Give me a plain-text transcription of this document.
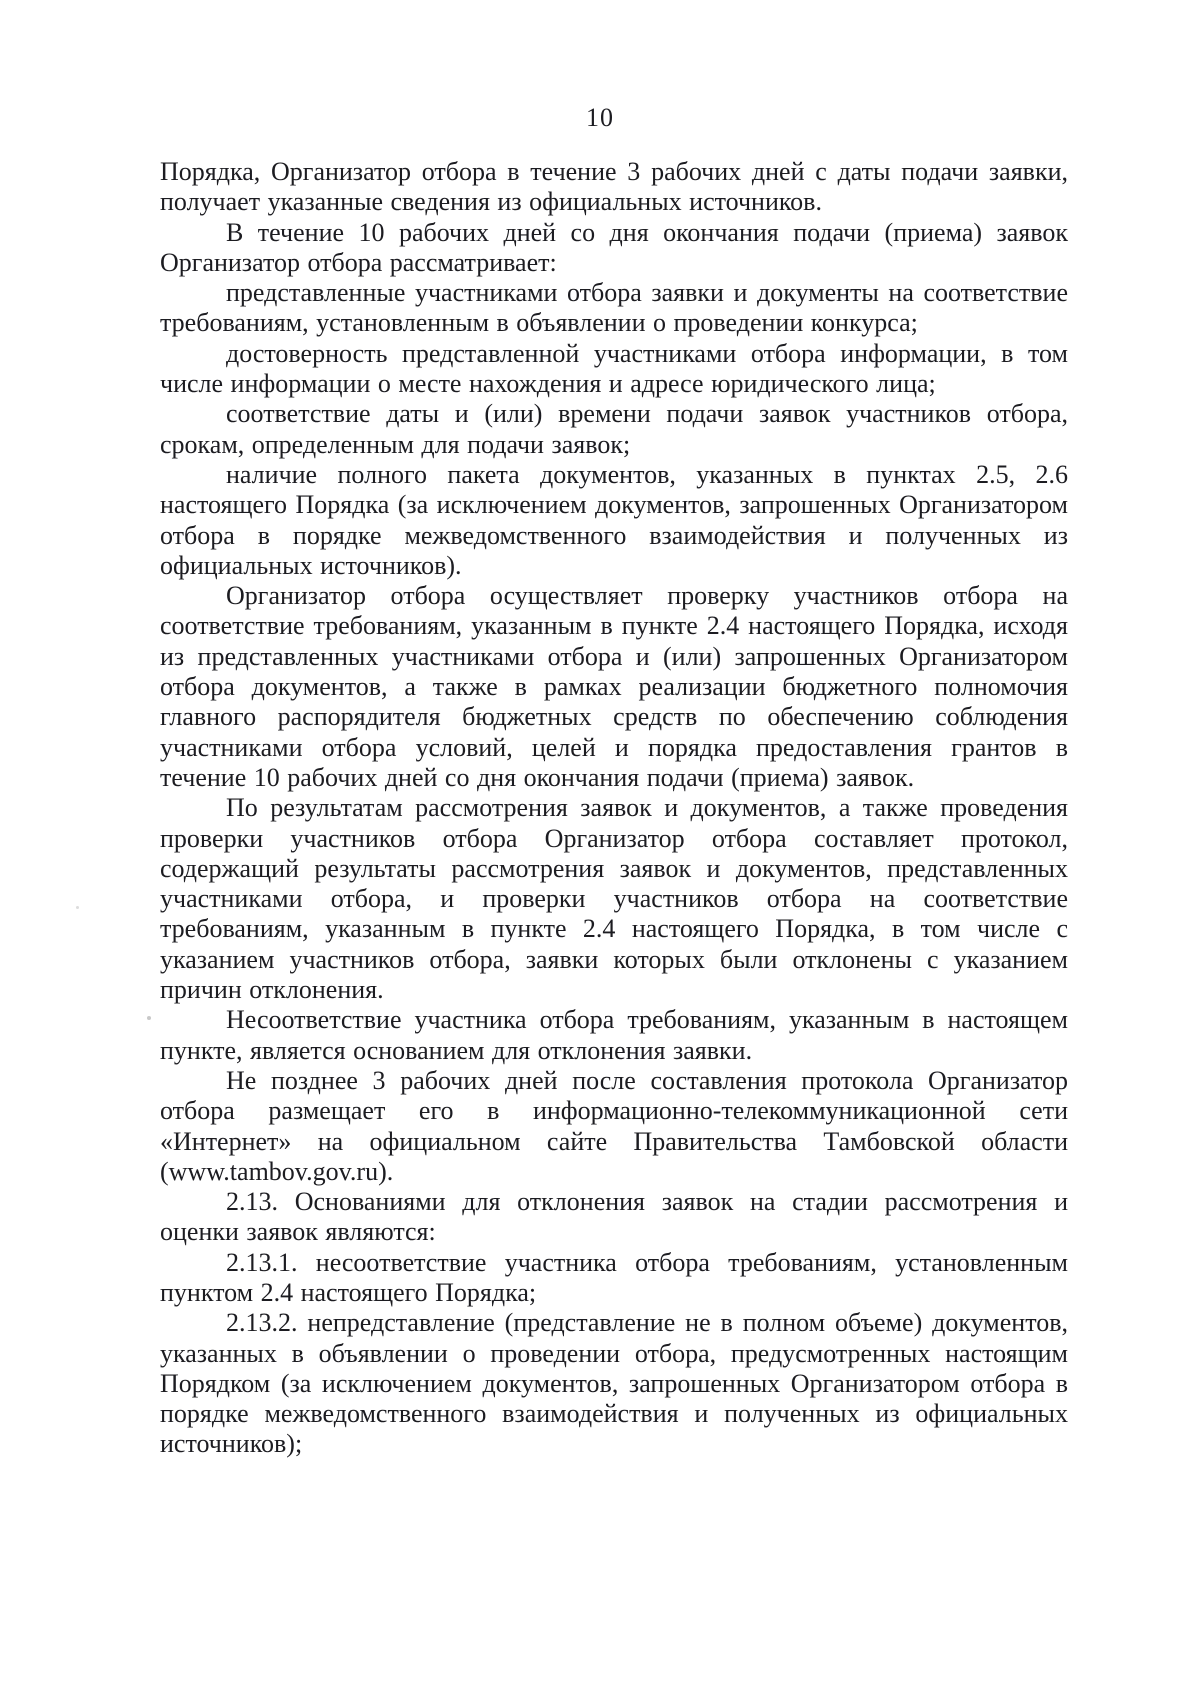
10

Порядка, Организатор отбора в течение 3 рабочих дней с даты подачи заявки, получает указанные сведения из официальных источников.

В течение 10 рабочих дней со дня окончания подачи (приема) заявок Организатор отбора рассматривает:

представленные участниками отбора заявки и документы на соответствие требованиям, установленным в объявлении о проведении конкурса;

достоверность представленной участниками отбора информации, в том числе информации о месте нахождения и адресе юридического лица;

соответствие даты и (или) времени подачи заявок участников отбора, срокам, определенным для подачи заявок;

наличие полного пакета документов, указанных в пунктах 2.5, 2.6 настоящего Порядка (за исключением документов, запрошенных Организатором отбора в порядке межведомственного взаимодействия и полученных из официальных источников).

Организатор отбора осуществляет проверку участников отбора на соответствие требованиям, указанным в пункте 2.4 настоящего Порядка, исходя из представленных участниками отбора и (или) запрошенных Организатором отбора документов, а также в рамках реализации бюджетного полномочия главного распорядителя бюджетных средств по обеспечению соблюдения участниками отбора условий, целей и порядка предоставления грантов в течение 10 рабочих дней со дня окончания подачи (приема) заявок.

По результатам рассмотрения заявок и документов, а также проведения проверки участников отбора Организатор отбора составляет протокол, содержащий результаты рассмотрения заявок и документов, представленных участниками отбора, и проверки участников отбора на соответствие требованиям, указанным в пункте 2.4 настоящего Порядка, в том числе с указанием участников отбора, заявки которых были отклонены с указанием причин отклонения.

Несоответствие участника отбора требованиям, указанным в настоящем пункте, является основанием для отклонения заявки.

Не позднее 3 рабочих дней после составления протокола Организатор отбора размещает его в информационно-телекоммуникационной сети «Интернет» на официальном сайте Правительства Тамбовской области (www.tambov.gov.ru).

2.13. Основаниями для отклонения заявок на стадии рассмотрения и оценки заявок являются:

2.13.1. несоответствие участника отбора требованиям, установленным пунктом 2.4 настоящего Порядка;

2.13.2. непредставление (представление не в полном объеме) документов, указанных в объявлении о проведении отбора, предусмотренных настоящим Порядком (за исключением документов, запрошенных Организатором отбора в порядке межведомственного взаимодействия и полученных из официальных источников);
